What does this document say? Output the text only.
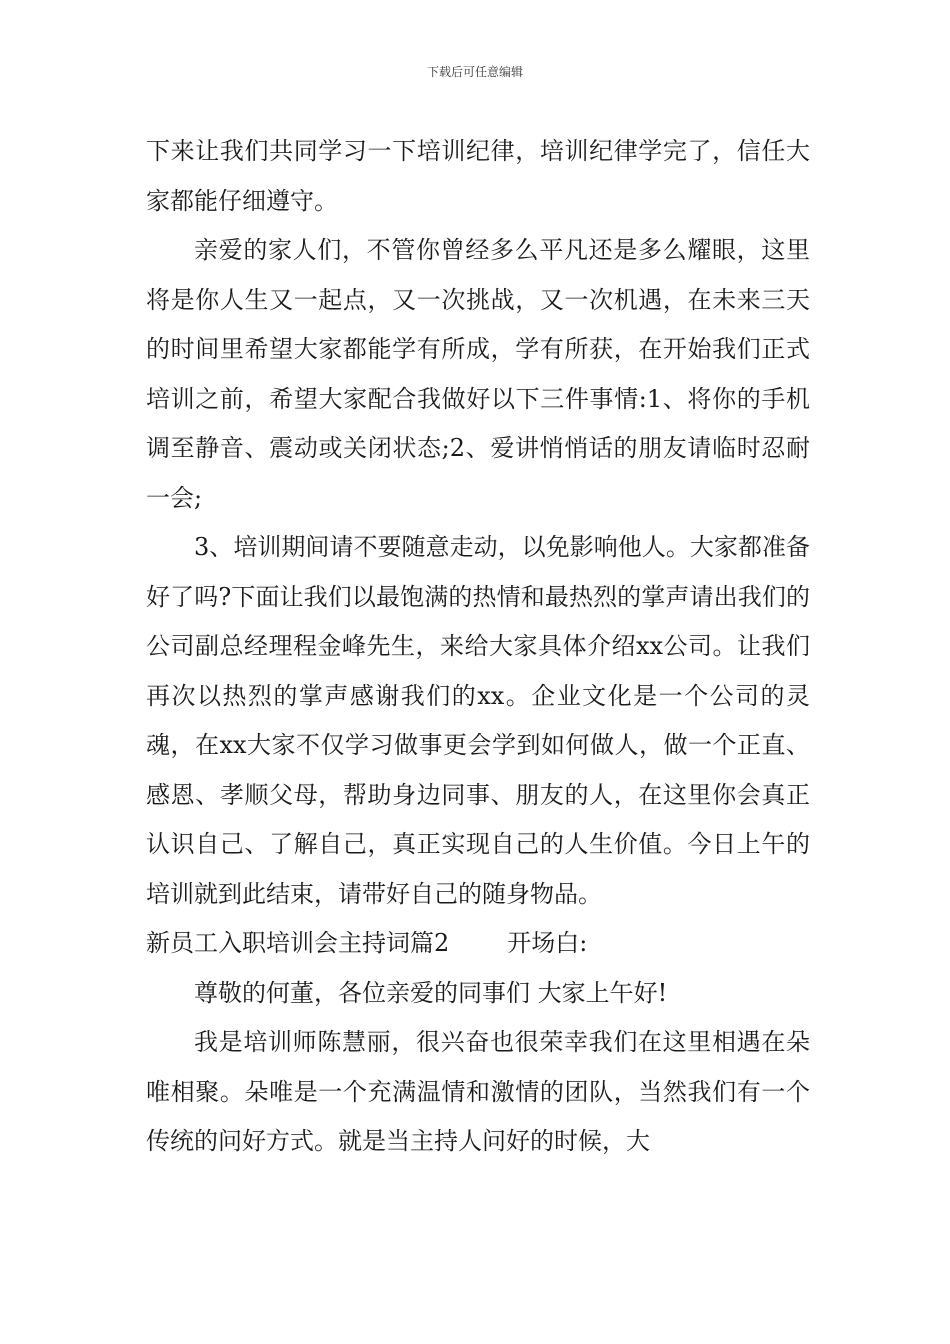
下载后可任意编辑

下来让我们共同学习一下培训纪律，培训纪律学完了，信任大家都能仔细遵守。

亲爱的家人们，不管你曾经多么平凡还是多么耀眼，这里将是你人生又一起点，又一次挑战，又一次机遇，在未来三天的时间里希望大家都能学有所成，学有所获，在开始我们正式培训之前，希望大家配合我做好以下三件事情:1、将你的手机调至静音、震动或关闭状态;2、爱讲悄悄话的朋友请临时忍耐一会;

3、培训期间请不要随意走动，以免影响他人。大家都准备好了吗?下面让我们以最饱满的热情和最热烈的掌声请出我们的公司副总经理程金峰先生，来给大家具体介绍xx公司。让我们再次以热烈的掌声感谢我们的xx。企业文化是一个公司的灵魂，在xx大家不仅学习做事更会学到如何做人，做一个正直、感恩、孝顺父母，帮助身边同事、朋友的人，在这里你会真正认识自己、了解自己，真正实现自己的人生价值。今日上午的培训就到此结束，请带好自己的随身物品。

新员工入职培训会主持词篇2 开场白:

尊敬的何董，各位亲爱的同事们 大家上午好!

我是培训师陈慧丽，很兴奋也很荣幸我们在这里相遇在朵唯相聚。朵唯是一个充满温情和激情的团队，当然我们有一个传统的问好方式。就是当主持人问好的时候，大
